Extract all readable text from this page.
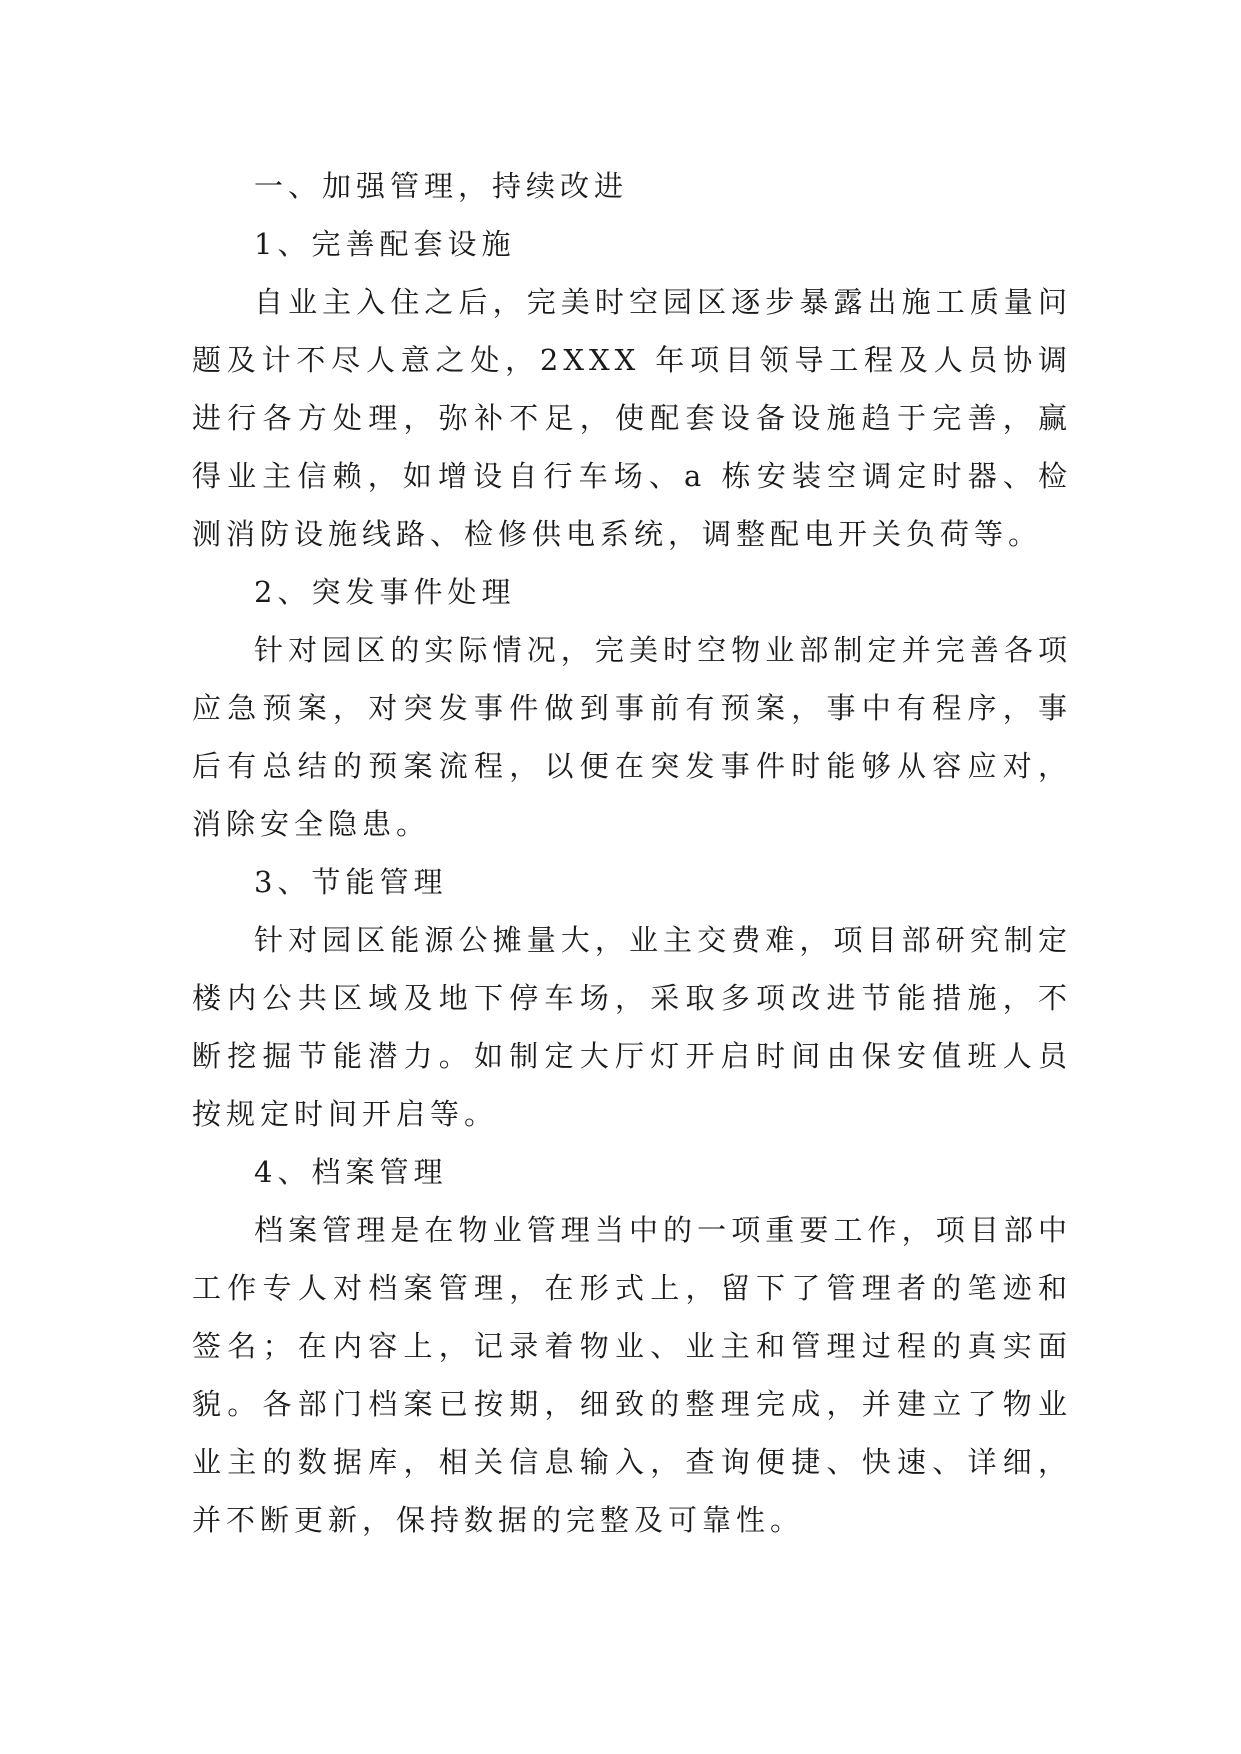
一、加强管理，持续改进

1、完善配套设施

自业主入住之后，完美时空园区逐步暴露出施工质量问题及计不尽人意之处，2XXX 年项目领导工程及人员协调进行各方处理，弥补不足，使配套设备设施趋于完善，赢得业主信赖，如增设自行车场、a 栋安装空调定时器、检测消防设施线路、检修供电系统，调整配电开关负荷等。

2、突发事件处理

针对园区的实际情况，完美时空物业部制定并完善各项应急预案，对突发事件做到事前有预案，事中有程序，事后有总结的预案流程，以便在突发事件时能够从容应对，消除安全隐患。

3、节能管理

针对园区能源公摊量大，业主交费难，项目部研究制定楼内公共区域及地下停车场，采取多项改进节能措施，不断挖掘节能潜力。如制定大厅灯开启时间由保安值班人员按规定时间开启等。

4、档案管理

档案管理是在物业管理当中的一项重要工作，项目部中工作专人对档案管理，在形式上，留下了管理者的笔迹和签名；在内容上，记录着物业、业主和管理过程的真实面貌。各部门档案已按期，细致的整理完成，并建立了物业业主的数据库，相关信息输入，查询便捷、快速、详细，并不断更新，保持数据的完整及可靠性。
